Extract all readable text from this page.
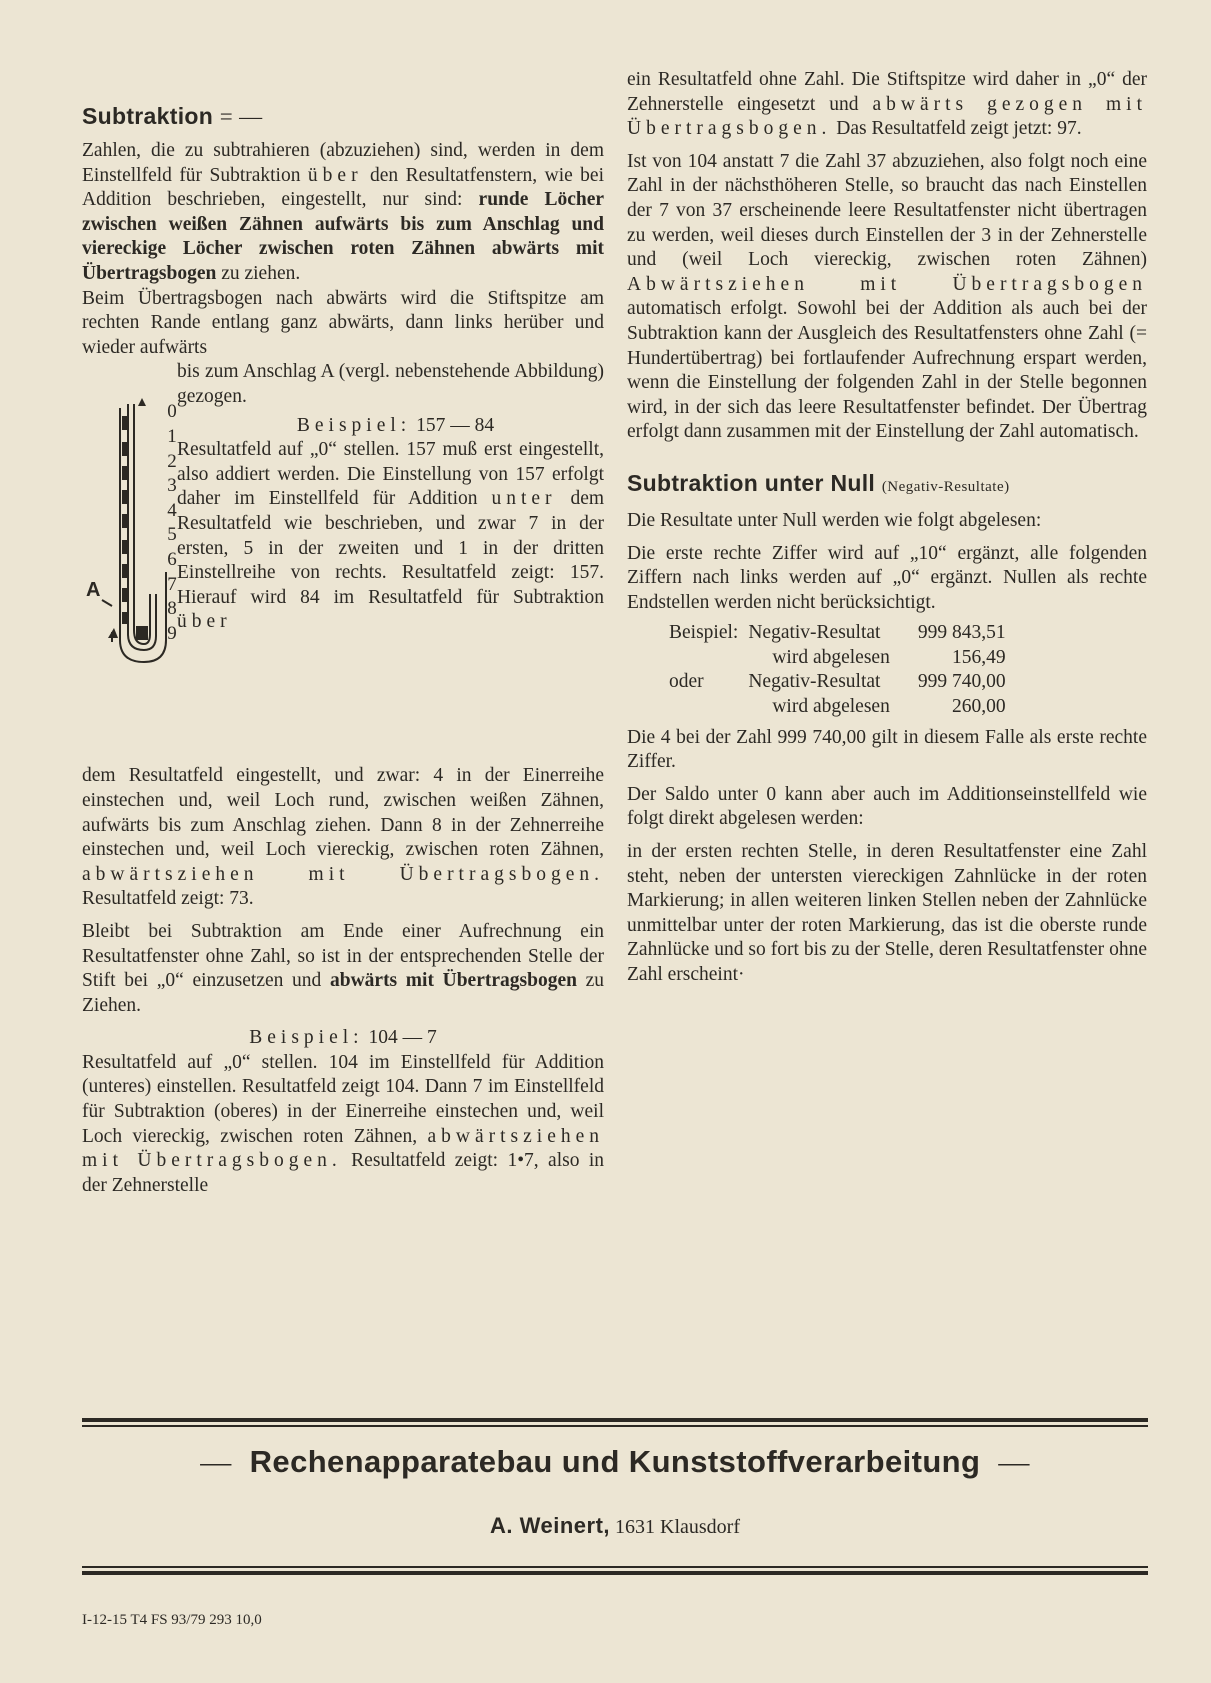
Subtraktion = —

Zahlen, die zu subtrahieren (abzuziehen) sind, werden in dem Einstellfeld für Subtraktion über den Resultatfenstern, wie bei Addition beschrieben, eingestellt, nur sind: runde Löcher zwischen weißen Zähnen aufwärts bis zum Anschlag und viereckige Löcher zwischen roten Zähnen abwärts mit Übertragsbogen zu ziehen.

Beim Übertragsbogen nach abwärts wird die Stiftspitze am rechten Rande entlang ganz abwärts, dann links herüber und wieder aufwärts

A
0
1
2
3
4
5
6
7
8
9

bis zum Anschlag A (vergl. nebenstehende Abbildung) gezogen.

Beispiel: 157 — 84

Resultatfeld auf „0“ stellen. 157 muß erst eingestellt, also addiert werden. Die Einstellung von 157 erfolgt daher im Einstellfeld für Addition unter dem Resultatfeld wie beschrieben, und zwar 7 in der ersten, 5 in der zweiten und 1 in der dritten Einstellreihe von rechts. Resultatfeld zeigt: 157. Hierauf wird 84 im Resultatfeld für Subtraktion über

dem Resultatfeld eingestellt, und zwar: 4 in der Einerreihe einstechen und, weil Loch rund, zwischen weißen Zähnen, aufwärts bis zum Anschlag ziehen. Dann 8 in der Zehnerreihe einstechen und, weil Loch viereckig, zwischen roten Zähnen, abwärtsziehen mit Übertragsbogen. Resultatfeld zeigt: 73.

Bleibt bei Subtraktion am Ende einer Aufrechnung ein Resultatfenster ohne Zahl, so ist in der entsprechenden Stelle der Stift bei „0“ einzusetzen und abwärts mit Übertragsbogen zu Ziehen.

Beispiel: 104 — 7

Resultatfeld auf „0“ stellen. 104 im Einstellfeld für Addition (unteres) einstellen. Resultatfeld zeigt 104. Dann 7 im Einstellfeld für Subtraktion (oberes) in der Einerreihe einstechen und, weil Loch viereckig, zwischen roten Zähnen, abwärtsziehen mit Übertragsbogen. Resultatfeld zeigt: 1•7, also in der Zehnerstelle

ein Resultatfeld ohne Zahl. Die Stiftspitze wird daher in „0“ der Zehnerstelle eingesetzt und abwärts gezogen mit Übertragsbogen. Das Resultatfeld zeigt jetzt: 97.

Ist von 104 anstatt 7 die Zahl 37 abzuziehen, also folgt noch eine Zahl in der nächsthöheren Stelle, so braucht das nach Einstellen der 7 von 37 erscheinende leere Resultatfenster nicht übertragen zu werden, weil dieses durch Einstellen der 3 in der Zehnerstelle und (weil Loch viereckig, zwischen roten Zähnen) Abwärtsziehen mit Übertragsbogen automatisch erfolgt. Sowohl bei der Addition als auch bei der Subtraktion kann der Ausgleich des Resultatfensters ohne Zahl (= Hundertübertrag) bei fortlaufender Aufrechnung erspart werden, wenn die Einstellung der folgenden Zahl in der Stelle begonnen wird, in der sich das leere Resultatfenster befindet. Der Übertrag erfolgt dann zusammen mit der Einstellung der Zahl automatisch.

Subtraktion unter Null (Negativ-Resultate)

Die Resultate unter Null werden wie folgt abgelesen:

Die erste rechte Ziffer wird auf „10“ ergänzt, alle folgenden Ziffern nach links werden auf „0“ ergänzt. Nullen als rechte Endstellen werden nicht berücksichtigt.

Beispiel:	Negativ-Resultat	999 843,51
	wird abgelesen	156,49
oder	Negativ-Resultat	999 740,00
	wird abgelesen	260,00

Die 4 bei der Zahl 999 740,00 gilt in diesem Falle als erste rechte Ziffer.

Der Saldo unter 0 kann aber auch im Additionseinstellfeld wie folgt direkt abgelesen werden:

in der ersten rechten Stelle, in deren Resultatfenster eine Zahl steht, neben der untersten viereckigen Zahnlücke in der roten Markierung; in allen weiteren linken Stellen neben der Zahnlücke unmittelbar unter der roten Markierung, das ist die oberste runde Zahnlücke und so fort bis zu der Stelle, deren Resultatfenster ohne Zahl erscheint·

— Rechenapparatebau und Kunststoffverarbeitung —
A. Weinert, 1631 Klausdorf
I-12-15 T4 FS 93/79 293 10,0
